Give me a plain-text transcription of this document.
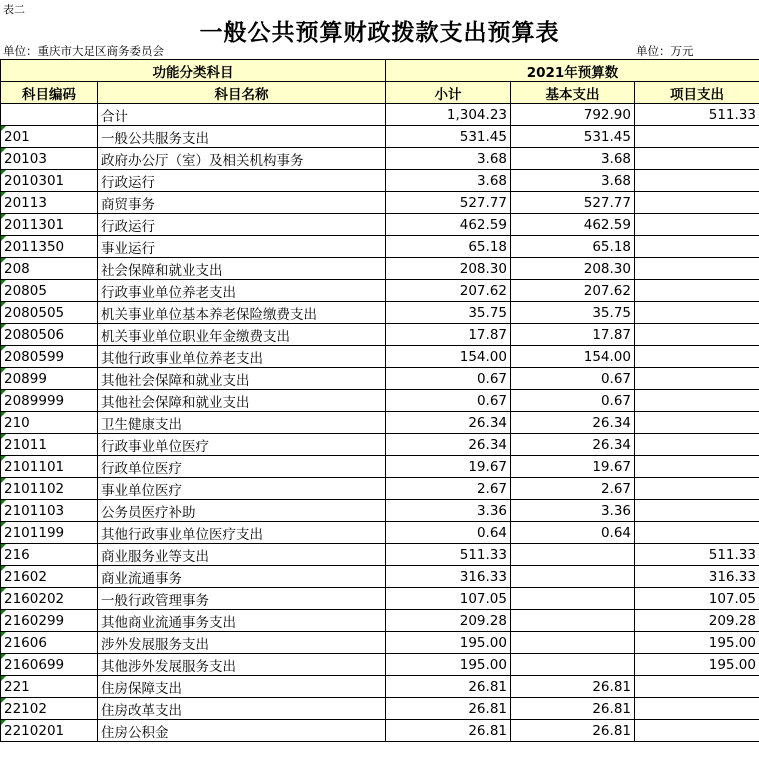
表二
一般公共预算财政拨款支出预算表
单位：重庆市大足区商务委员会	单位：万元
功能分类科目		2021年预算数		
科目编码	科目名称	小计	基本支出	项目支出
	合计	1,304.23	792.90	511.33
201	一般公共服务支出	531.45	531.45	
20103	政府办公厅（室）及相关机构事务	3.68	3.68	
2010301	行政运行	3.68	3.68	
20113	商贸事务	527.77	527.77	
2011301	行政运行	462.59	462.59	
2011350	事业运行	65.18	65.18	
208	社会保障和就业支出	208.30	208.30	
20805	行政事业单位养老支出	207.62	207.62	
2080505	机关事业单位基本养老保险缴费支出	35.75	35.75	
2080506	机关事业单位职业年金缴费支出	17.87	17.87	
2080599	其他行政事业单位养老支出	154.00	154.00	
20899	其他社会保障和就业支出	0.67	0.67	
2089999	其他社会保障和就业支出	0.67	0.67	
210	卫生健康支出	26.34	26.34	
21011	行政事业单位医疗	26.34	26.34	
2101101	行政单位医疗	19.67	19.67	
2101102	事业单位医疗	2.67	2.67	
2101103	公务员医疗补助	3.36	3.36	
2101199	其他行政事业单位医疗支出	0.64	0.64	
216	商业服务业等支出	511.33		511.33
21602	商业流通事务	316.33		316.33
2160202	一般行政管理事务	107.05		107.05
2160299	其他商业流通事务支出	209.28		209.28
21606	涉外发展服务支出	195.00		195.00
2160699	其他涉外发展服务支出	195.00		195.00
221	住房保障支出	26.81	26.81	
22102	住房改革支出	26.81	26.81	
2210201	住房公积金	26.81	26.81	
